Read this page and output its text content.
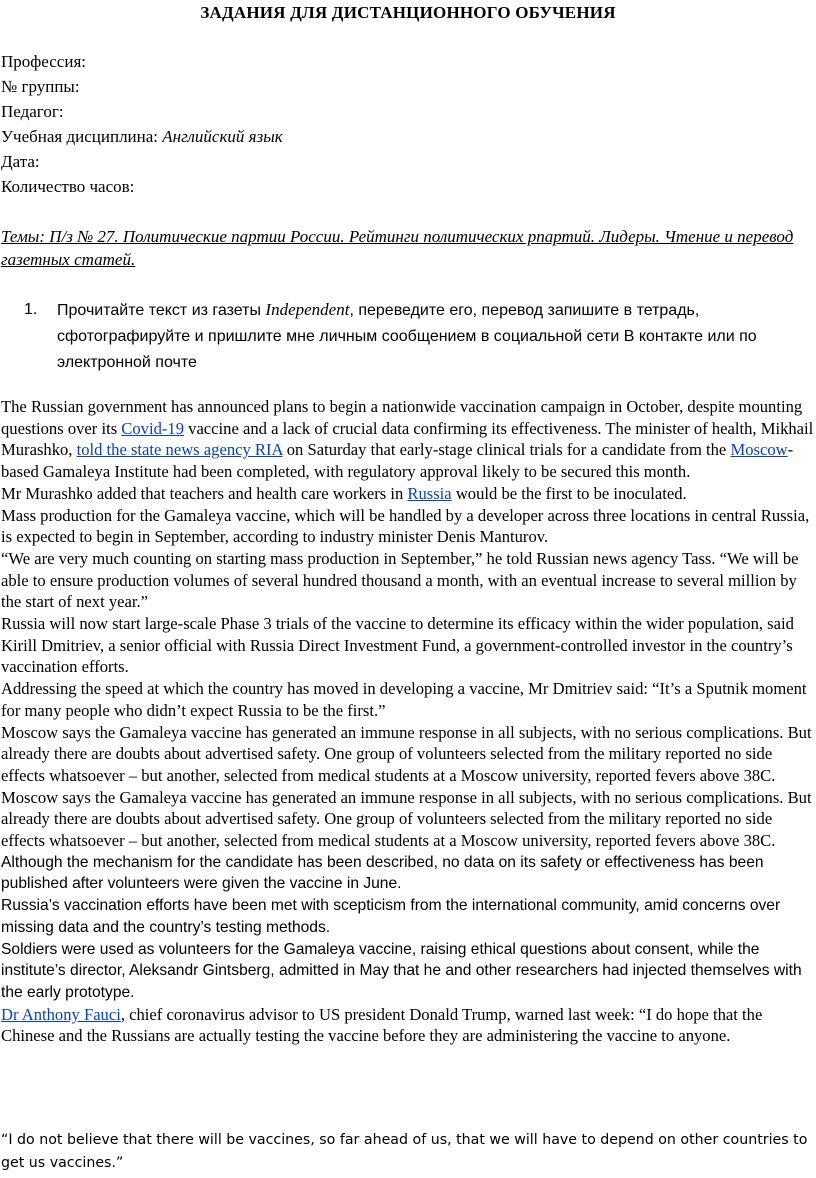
ЗАДАНИЯ ДЛЯ ДИСТАНЦИОННОГО ОБУЧЕНИЯ
Профессия:
№ группы:
Педагог:
Учебная дисциплина: Английский язык
Дата:
Количество часов:
Темы: П/з № 27. Политические партии России. Рейтинги политических рпартий. Лидеры. Чтение и перевод газетных статей.
1. Прочитайте текст из газеты Independent, переведите его, перевод запишите в тетрадь, сфотографируйте и пришлите мне личным сообщением в социальной сети В контакте или по электронной почте

The Russian government has announced plans to begin a nationwide vaccination campaign in October, despite mounting questions over its Covid-19 vaccine and a lack of crucial data confirming its effectiveness. The minister of health, Mikhail Murashko, told the state news agency RIA on Saturday that early-stage clinical trials for a candidate from the Moscow-based Gamaleya Institute had been completed, with regulatory approval likely to be secured this month.

Mr Murashko added that teachers and health care workers in Russia would be the first to be inoculated.

Mass production for the Gamaleya vaccine, which will be handled by a developer across three locations in central Russia, is expected to begin in September, according to industry minister Denis Manturov.

“We are very much counting on starting mass production in September,” he told Russian news agency Tass. “We will be able to ensure production volumes of several hundred thousand a month, with an eventual increase to several million by the start of next year.”

Russia will now start large-scale Phase 3 trials of the vaccine to determine its efficacy within the wider population, said Kirill Dmitriev, a senior official with Russia Direct Investment Fund, a government-controlled investor in the country’s vaccination efforts.

Addressing the speed at which the country has moved in developing a vaccine, Mr Dmitriev said: “It’s a Sputnik moment for many people who didn’t expect Russia to be the first.”

Moscow says the Gamaleya vaccine has generated an immune response in all subjects, with no serious complications. But already there are doubts about advertised safety. One group of volunteers selected from the military reported no side effects whatsoever – but another, selected from medical students at a Moscow university, reported fevers above 38C.

Moscow says the Gamaleya vaccine has generated an immune response in all subjects, with no serious complications. But already there are doubts about advertised safety. One group of volunteers selected from the military reported no side effects whatsoever – but another, selected from medical students at a Moscow university, reported fevers above 38C.

Although the mechanism for the candidate has been described, no data on its safety or effectiveness has been published after volunteers were given the vaccine in June.

Russia’s vaccination efforts have been met with scepticism from the international community, amid concerns over missing data and the country’s testing methods.

Soldiers were used as volunteers for the Gamaleya vaccine, raising ethical questions about consent, while the institute’s director, Aleksandr Gintsberg, admitted in May that he and other researchers had injected themselves with the early prototype.

Dr Anthony Fauci, chief coronavirus advisor to US president Donald Trump, warned last week: “I do hope that the Chinese and the Russians are actually testing the vaccine before they are administering the vaccine to anyone.

“I do not believe that there will be vaccines, so far ahead of us, that we will have to depend on other countries to get us vaccines.”
